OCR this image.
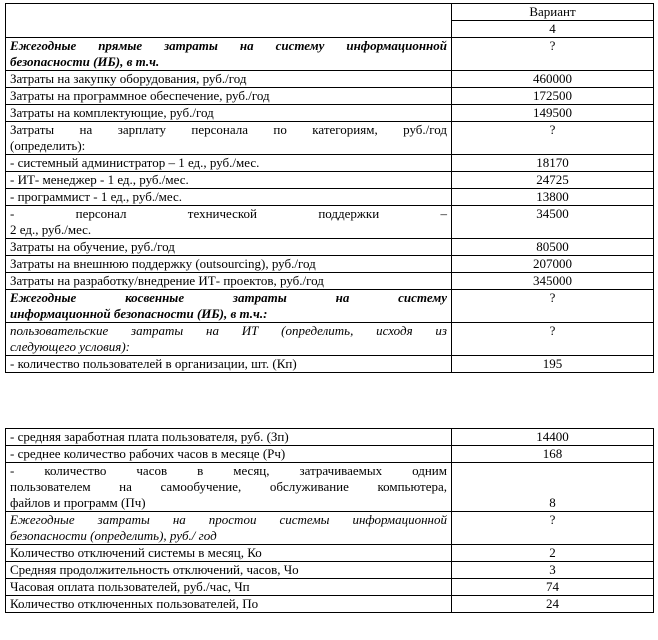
	Вариант
	4

Ежегодные прямые затраты на систему информационной
безопасности (ИБ), в т.ч.	?
Затраты на закупку оборудования, руб./год	460000
Затраты на программное обеспечение, руб./год	172500
Затраты на комплектующие, руб./год	149500

Затраты на зарплату персонала по категориям, руб./год
(определить):	?
- системный администратор – 1 ед., руб./мес.	18170
- ИТ- менеджер - 1 ед., руб./мес.	24725
- программист - 1 ед., руб./мес.	13800

- персонал технической поддержки –
2 ед., руб./мес.	34500
Затраты на обучение, руб./год	80500
Затраты на внешнюю поддержку (outsourcing), руб./год	207000
Затраты на разработку/внедрение ИТ- проектов, руб./год	345000

Ежегодные косвенные затраты на систему
информационной безопасности (ИБ), в т.ч.:	?

пользовательские затраты на ИТ (определить, исходя из
следующего условия):	?
- количество пользователей в организации, шт. (Кп)	195
- средняя заработная плата пользователя, руб. (Зп)	14400
- среднее количество рабочих часов в месяце (Рч)	168

- количество часов в месяц, затрачиваемых одним
пользователем на самообучение, обслуживание компьютера,
файлов и программ (Пч)	8

Ежегодные затраты на простои системы информационной
безопасности (определить), руб./ год	?
Количество отключений системы в месяц, Ко	2
Средняя продолжительность отключений, часов, Чо	3
Часовая оплата пользователей, руб./час, Чп	74
Количество отключенных пользователей, По	24
